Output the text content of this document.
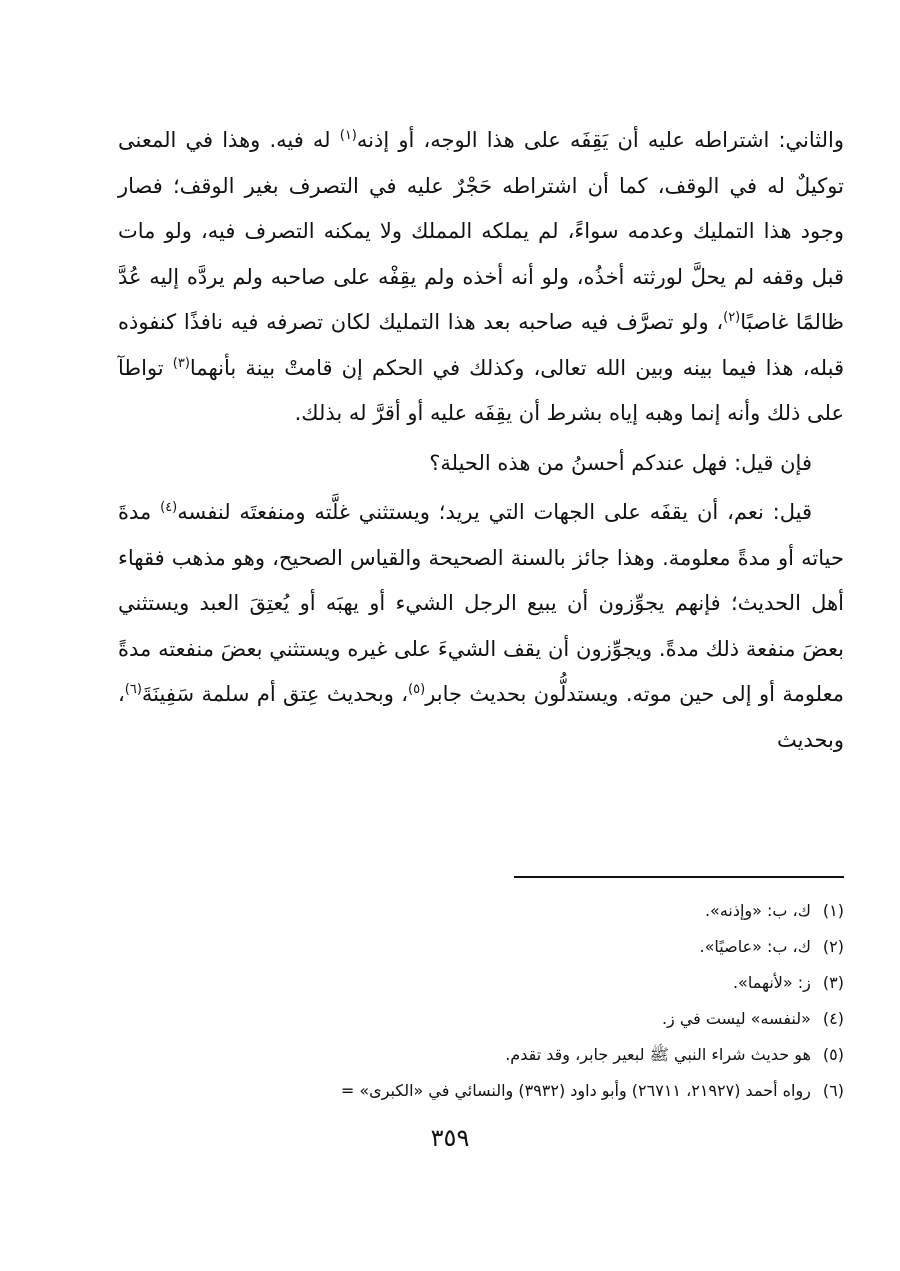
والثاني: اشتراطه عليه أن يَقِفَه على هذا الوجه، أو إذنه$^{(١)}$ له فيه. وهذا في المعنى توكيلٌ له في الوقف، كما أن اشتراطه حَجْرٌ عليه في التصرف بغير الوقف؛ فصار وجود هذا التمليك وعدمه سواءً، لم يملكه المملك ولا يمكنه التصرف فيه، ولو مات قبل وقفه لم يحلَّ لورثته أخذُه، ولو أنه أخذه ولم يقِفْه على صاحبه ولم يردَّه إليه عُدَّ ظالمًا غاصبًا$^{(٢)}$، ولو تصرَّف فيه صاحبه بعد هذا التمليك لكان تصرفه فيه نافذًا كنفوذه قبله، هذا فيما بينه وبين الله تعالى، وكذلك في الحكم إن قامتْ بينة بأنهما$^{(٣)}$ تواطآ على ذلك وأنه إنما وهبه إياه بشرط أن يقِفَه عليه أو أقرَّ له بذلك.

فإن قيل: فهل عندكم أحسنُ من هذه الحيلة؟

قيل: نعم، أن يقفَه على الجهات التي يريد؛ ويستثني غلَّته ومنفعتَه لنفسه$^{(٤)}$ مدةَ حياته أو مدةً معلومة. وهذا جائز بالسنة الصحيحة والقياس الصحيح، وهو مذهب فقهاء أهل الحديث؛ فإنهم يجوِّزون أن يبيع الرجل الشيء أو يهبَه أو يُعتِقَ العبد ويستثني بعضَ منفعة ذلك مدةً. ويجوِّزون أن يقف الشيءَ على غيره ويستثني بعضَ منفعته مدةً معلومة أو إلى حين موته. ويستدلُّون بحديث جابر$^{(٥)}$، وبحديث عِتق أم سلمة سَفِينَةَ$^{(٦)}$، وبحديث

(١)ك، ب: «وإذنه».

(٢)ك، ب: «عاصيًا».

(٣)ز: «لأنهما».

(٤)«لنفسه» ليست في ز.

(٥)هو حديث شراء النبي ﷺ لبعير جابر، وقد تقدم.

(٦)رواه أحمد (٢١٩٢٧، ٢٦٧١١) وأبو داود (٣٩٣٢) والنسائي في «الكبرى» =

٣٥٩
